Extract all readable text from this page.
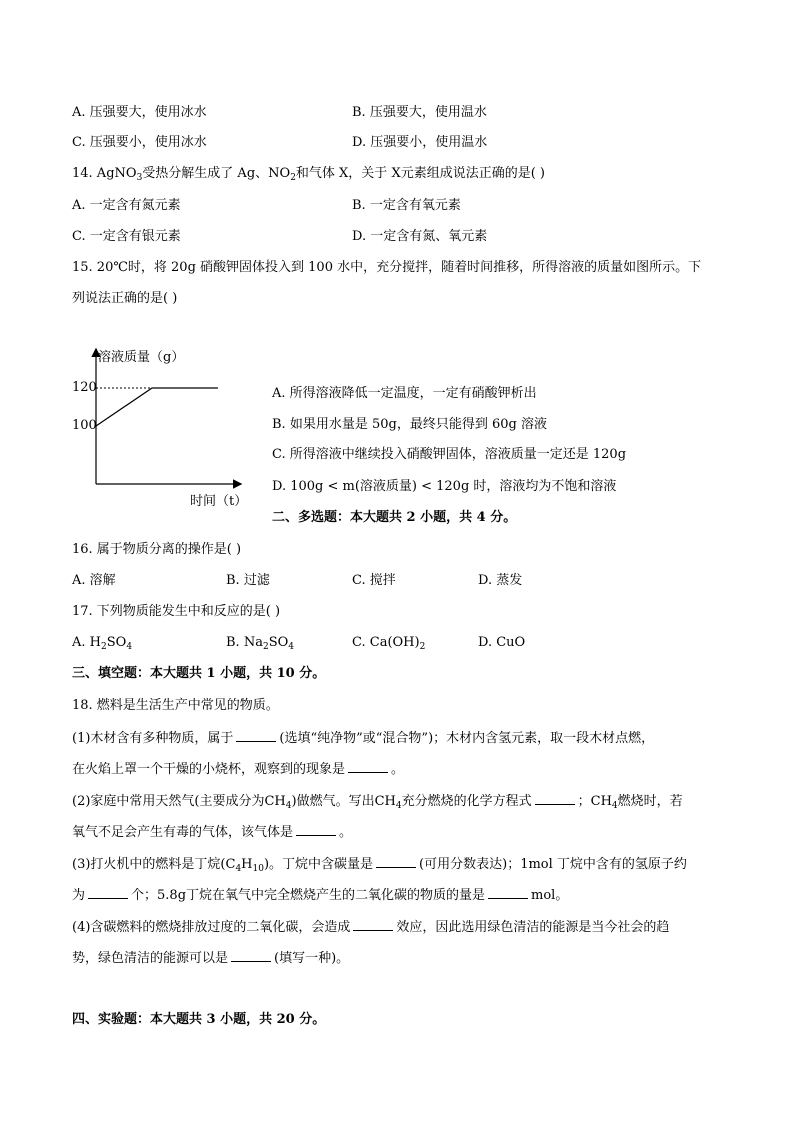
A. 压强要大，使用冰水	B. 压强要大，使用温水
C. 压强要小，使用冰水	D. 压强要小，使用温水
14. AgNO$_3$受热分解生成了 Ag、$NO_2$和气体 X，关于 X元素组成说法正确的是( )
A. 一定含有氮元素	B. 一定含有氧元素
C. 一定含有银元素	D. 一定含有氮、氧元素
15. 20℃时，将 20g 硝酸钾固体投入到 100 水中，充分搅拌，随着时间推移，所得溶液的质量如图所示。下
列说法正确的是( )
溶液质量（g）
120
100
时间（t）
A. 所得溶液降低一定温度，一定有硝酸钾析出
B. 如果用水量是 50g，最终只能得到 60g 溶液
C. 所得溶液中继续投入硝酸钾固体，溶液质量一定还是 120g
D. 100g < m(溶液质量) < 120g 时，溶液均为不饱和溶液
二、多选题：本大题共 2 小题，共 4 分。
16. 属于物质分离的操作是( )
A. 溶解	B. 过滤	C. 搅拌	D. 蒸发
17. 下列物质能发生中和反应的是( )
A. $H_2SO_4$	B. $Na_2SO_4$	C. $Ca(OH)_2$	D. CuO
三、填空题：本大题共 1 小题，共 10 分。
18. 燃料是生活生产中常见的物质。
(1)木材含有多种物质，属于	(选填“纯净物”或“混合物”)；木材内含氢元素，取一段木材点燃，
在火焰上罩一个干燥的小烧杯，观察到的现象是	。
(2)家庭中常用天然气(主要成分为$CH_4$)做燃气。写出$CH_4$充分燃烧的化学方程式	；$CH_4$燃烧时，若
氧气不足会产生有毒的气体，该气体是	。
(3)打火机中的燃料是丁烷$(C_4H_{10})$。丁烷中含碳量是	(可用分数表达)；1mol 丁烷中含有的氢原子约
为	个；5.8g丁烷在氧气中完全燃烧产生的二氧化碳的物质的量是	mol。
(4)含碳燃料的燃烧排放过度的二氧化碳，会造成	效应，因此选用绿色清洁的能源是当今社会的趋
势，绿色清洁的能源可以是	(填写一种)。
四、实验题：本大题共 3 小题，共 20 分。
